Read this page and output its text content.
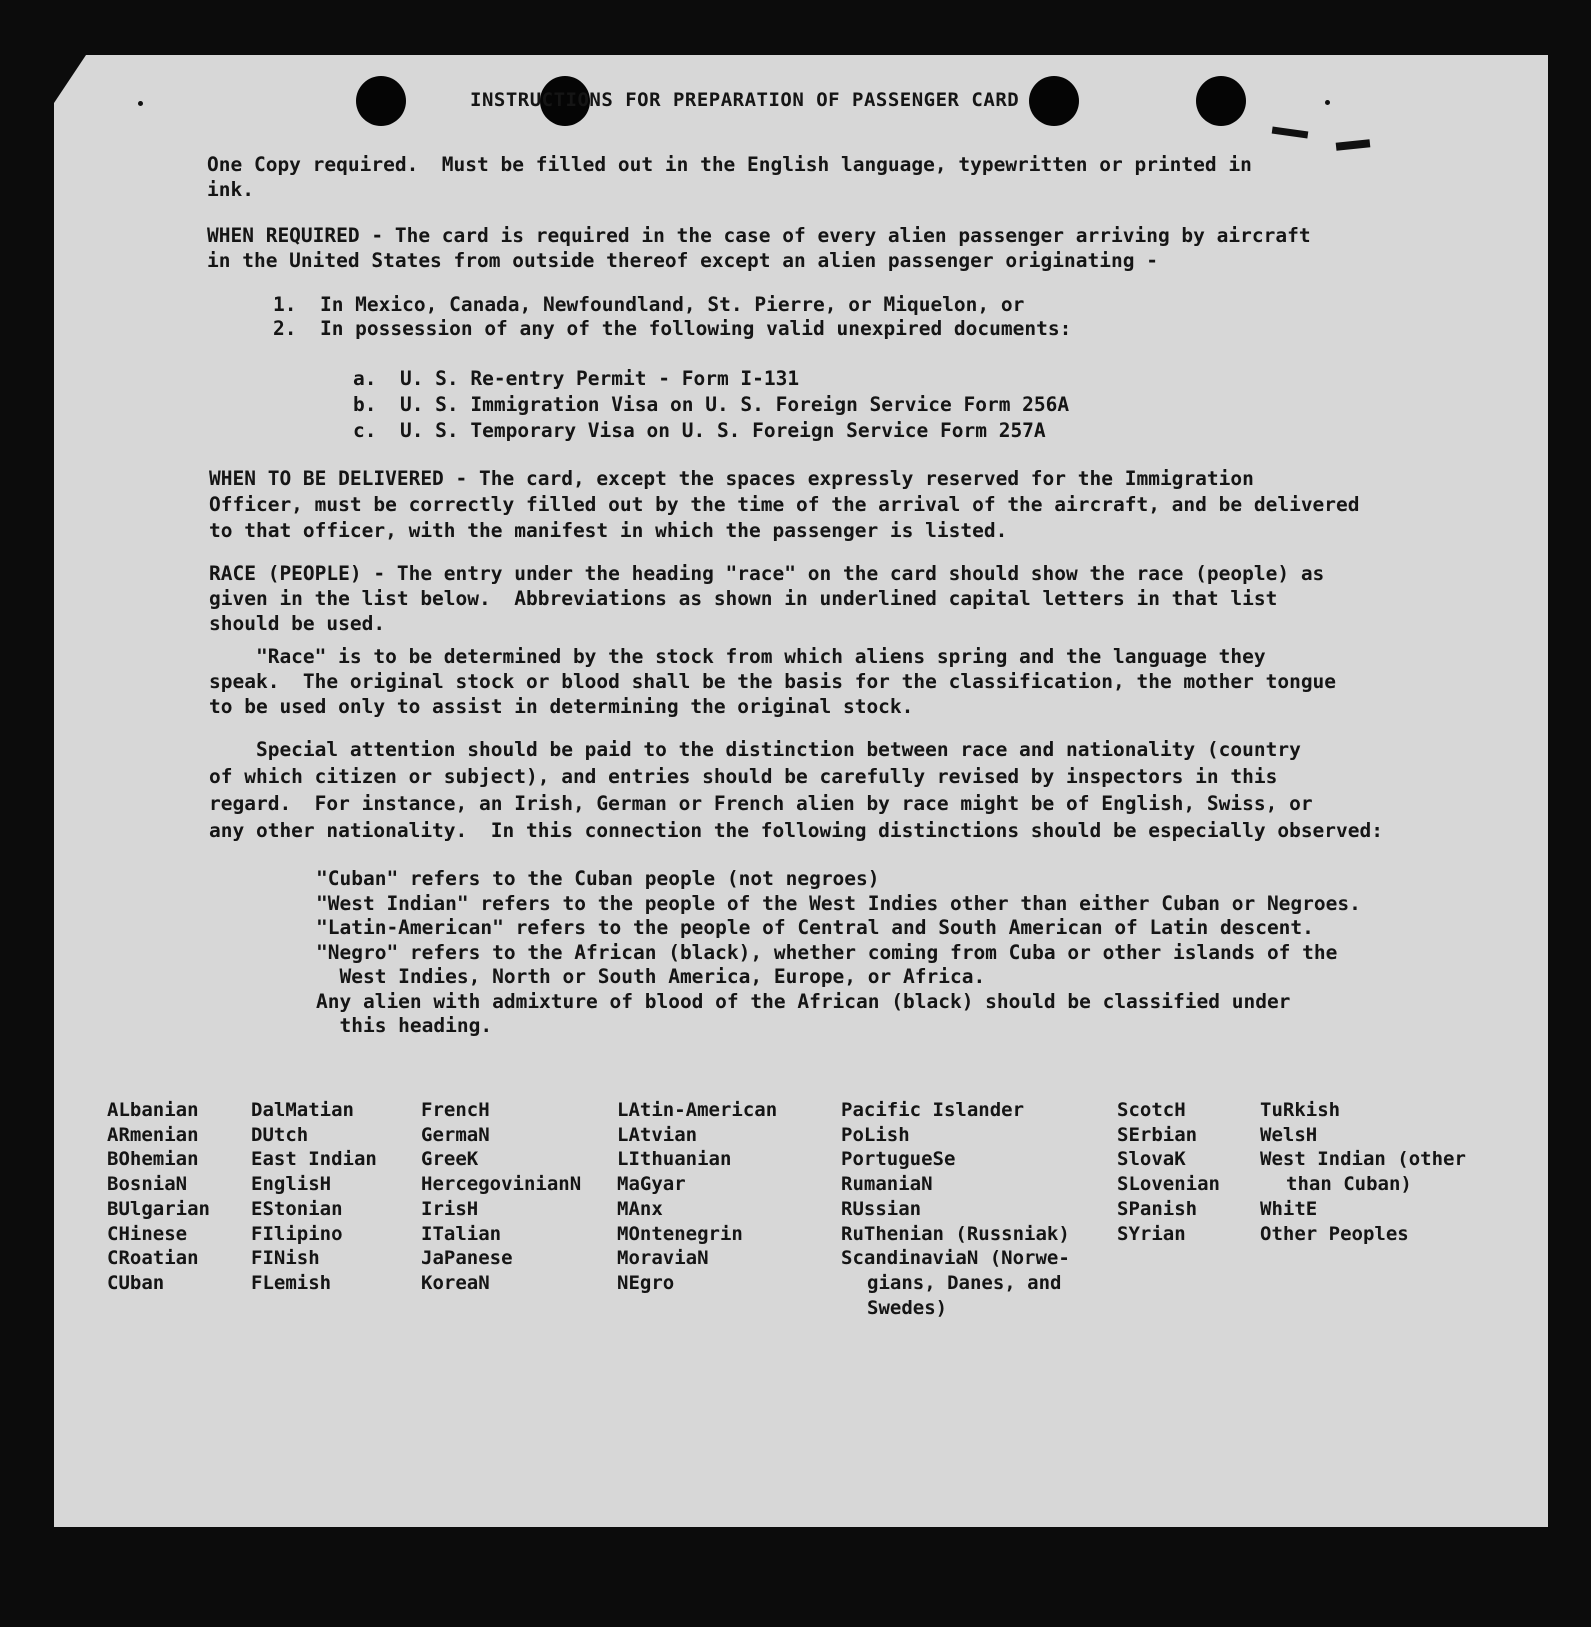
INSTRUCTIONS FOR PREPARATION OF PASSENGER CARD
One Copy required.  Must be filled out in the English language, typewritten or printed in
ink.
WHEN REQUIRED - The card is required in the case of every alien passenger arriving by aircraft
in the United States from outside thereof except an alien passenger originating -
1.  In Mexico, Canada, Newfoundland, St. Pierre, or Miquelon, or
2.  In possession of any of the following valid unexpired documents:
a.  U. S. Re-entry Permit - Form I-131
b.  U. S. Immigration Visa on U. S. Foreign Service Form 256A
c.  U. S. Temporary Visa on U. S. Foreign Service Form 257A
WHEN TO BE DELIVERED - The card, except the spaces expressly reserved for the Immigration
Officer, must be correctly filled out by the time of the arrival of the aircraft, and be delivered
to that officer, with the manifest in which the passenger is listed.
RACE (PEOPLE) - The entry under the heading "race" on the card should show the race (people) as
given in the list below.  Abbreviations as shown in underlined capital letters in that list
should be used.
"Race" is to be determined by the stock from which aliens spring and the language they
speak.  The original stock or blood shall be the basis for the classification, the mother tongue
to be used only to assist in determining the original stock.
Special attention should be paid to the distinction between race and nationality (country
of which citizen or subject), and entries should be carefully revised by inspectors in this
regard.  For instance, an Irish, German or French alien by race might be of English, Swiss, or
any other nationality.  In this connection the following distinctions should be especially observed:
"Cuban" refers to the Cuban people (not negroes)
"West Indian" refers to the people of the West Indies other than either Cuban or Negroes.
"Latin-American" refers to the people of Central and South American of Latin descent.
"Negro" refers to the African (black), whether coming from Cuba or other islands of the
West Indies, North or South America, Europe, or Africa.
Any alien with admixture of blood of the African (black) should be classified under
this heading.
ALbanian
ARmenian
BOhemian
BosniaN
BUlgarian
CHinese
CRoatian
CUban
DalMatian
DUtch
East Indian
EnglisH
EStonian
FIlipino
FINish
FLemish
FrencH
GermaN
GreeK
HercegovinianN
IrisH
ITalian
JaPanese
KoreaN
LAtin-American
LAtvian
LIthuanian
MaGyar
MAnx
MOntenegrin
MoraviaN
NEgro
Pacific Islander
PoLish
PortugueSe
RumaniaN
RUssian
RuThenian (Russniak)
ScandinaviaN (Norwe-
gians, Danes, and
Swedes)
ScotcH
SErbian
SlovaK
SLovenian
SPanish
SYrian
TuRkish
WelsH
West Indian (other
than Cuban)
WhitE
Other Peoples
